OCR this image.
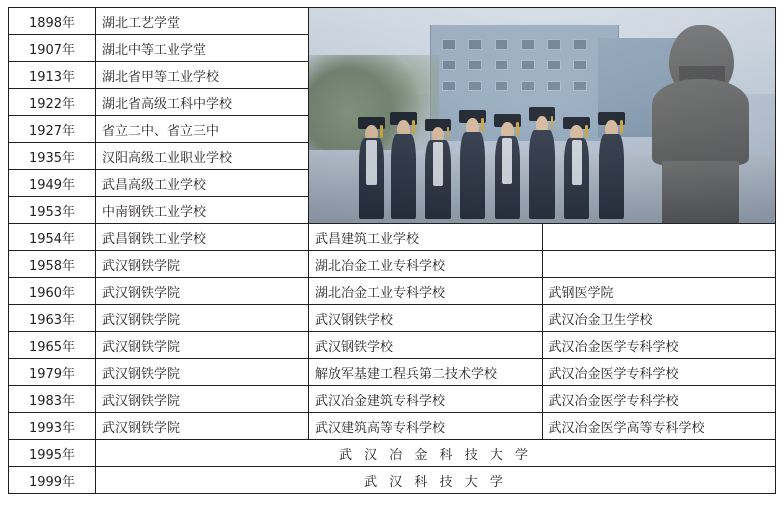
1898年	湖北工艺学堂		

1907年	湖北中等工业学堂		
1913年	湖北省甲等工业学校		
1922年	湖北省高级工科中学校		
1927年	省立二中、省立三中		
1935年	汉阳高级工业职业学校		
1949年	武昌高级工业学校		
1953年	中南钢铁工业学校		
1954年	武昌钢铁工业学校	武昌建筑工业学校	
1958年	武汉钢铁学院	湖北冶金工业专科学校	
1960年	武汉钢铁学院	湖北冶金工业专科学校	武钢医学院
1963年	武汉钢铁学院	武汉钢铁学校	武汉冶金卫生学校
1965年	武汉钢铁学院	武汉钢铁学校	武汉冶金医学专科学校
1979年	武汉钢铁学院	解放军基建工程兵第二技术学校	武汉冶金医学专科学校
1983年	武汉钢铁学院	武汉冶金建筑专科学校	武汉冶金医学专科学校
1993年	武汉钢铁学院	武汉建筑高等专科学校	武汉冶金医学高等专科学校
1995年	武 汉 冶 金 科 技 大 学		
1999年	武 汉 科 技 大 学		
